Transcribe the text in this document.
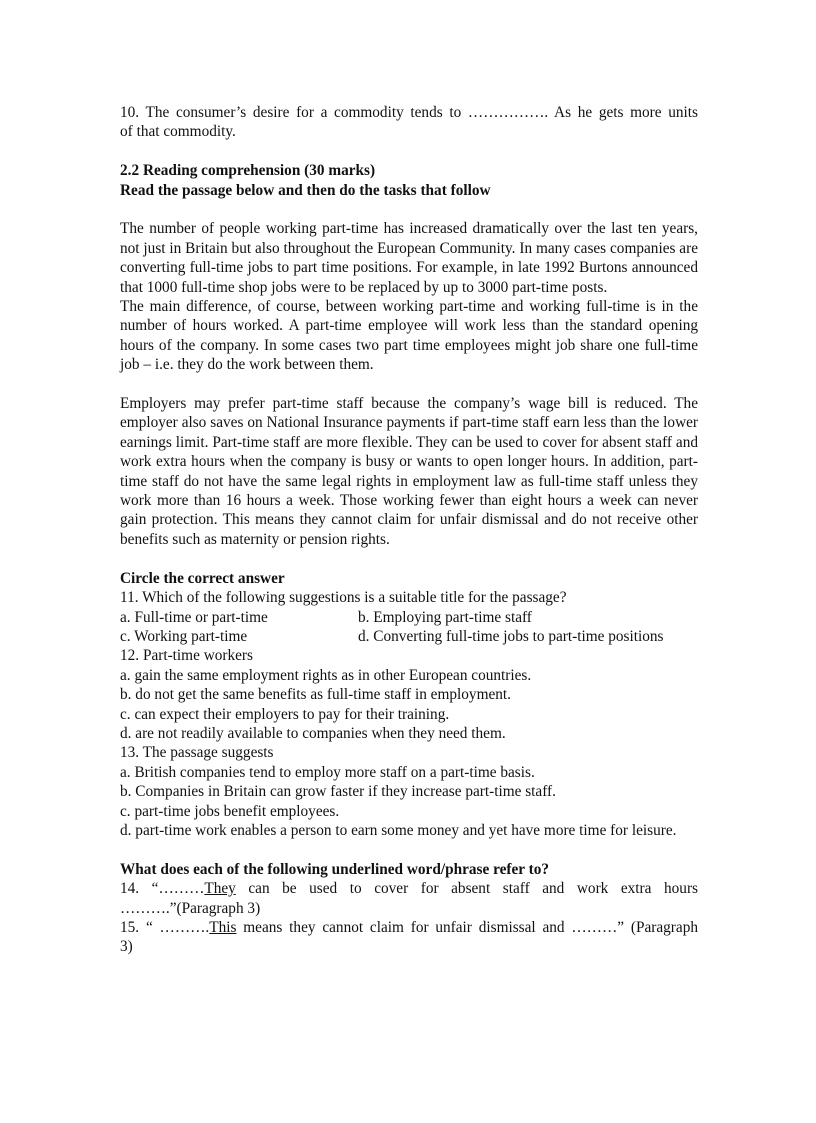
10. The consumer’s desire for a commodity tends to ……………. As he gets more units

of that commodity.

2.2 Reading comprehension (30 marks)

Read the passage below and then do the tasks that follow

The number of people working part-time has increased dramatically over the last ten years, not just in Britain but also throughout the European Community. In many cases companies are converting full-time jobs to part time positions. For example, in late 1992 Burtons announced that 1000 full-time shop jobs were to be replaced by up to 3000 part-time posts.

The main difference, of course, between working part-time and working full-time is in the number of hours worked. A part-time employee will work less than the standard opening hours of the company. In some cases two part time employees might job share one full-time job – i.e. they do the work between them.

Employers may prefer part-time staff because the company’s wage bill is reduced. The employer also saves on National Insurance payments if part-time staff earn less than the lower earnings limit. Part-time staff are more flexible. They can be used to cover for absent staff and work extra hours when the company is busy or wants to open longer hours. In addition, part-time staff do not have the same legal rights in employment law as full-time staff unless they work more than 16 hours a week. Those working fewer than eight hours a week can never gain protection. This means they cannot claim for unfair dismissal and do not receive other benefits such as maternity or pension rights.

Circle the correct answer

11. Which of the following suggestions is a suitable title for the passage?

a. Full-time or part-time	b. Employing part-time staff
c. Working part-time	d. Converting full-time jobs to part-time positions

12. Part-time workers

a. gain the same employment rights as in other European countries.

b. do not get the same benefits as full-time staff in employment.

c. can expect their employers to pay for their training.

d. are not readily available to companies when they need them.

13. The passage suggests

a. British companies tend to employ more staff on a part-time basis.

b. Companies in Britain can grow faster if they increase part-time staff.

c. part-time jobs benefit employees.

d. part-time work enables a person to earn some money and yet have more time for leisure.

What does each of the following underlined word/phrase refer to?

14. “………They can be used to cover for absent staff and work extra hours

……….”(Paragraph 3)

15. “ ……….This means they cannot claim for unfair dismissal and ………” (Paragraph

3)
